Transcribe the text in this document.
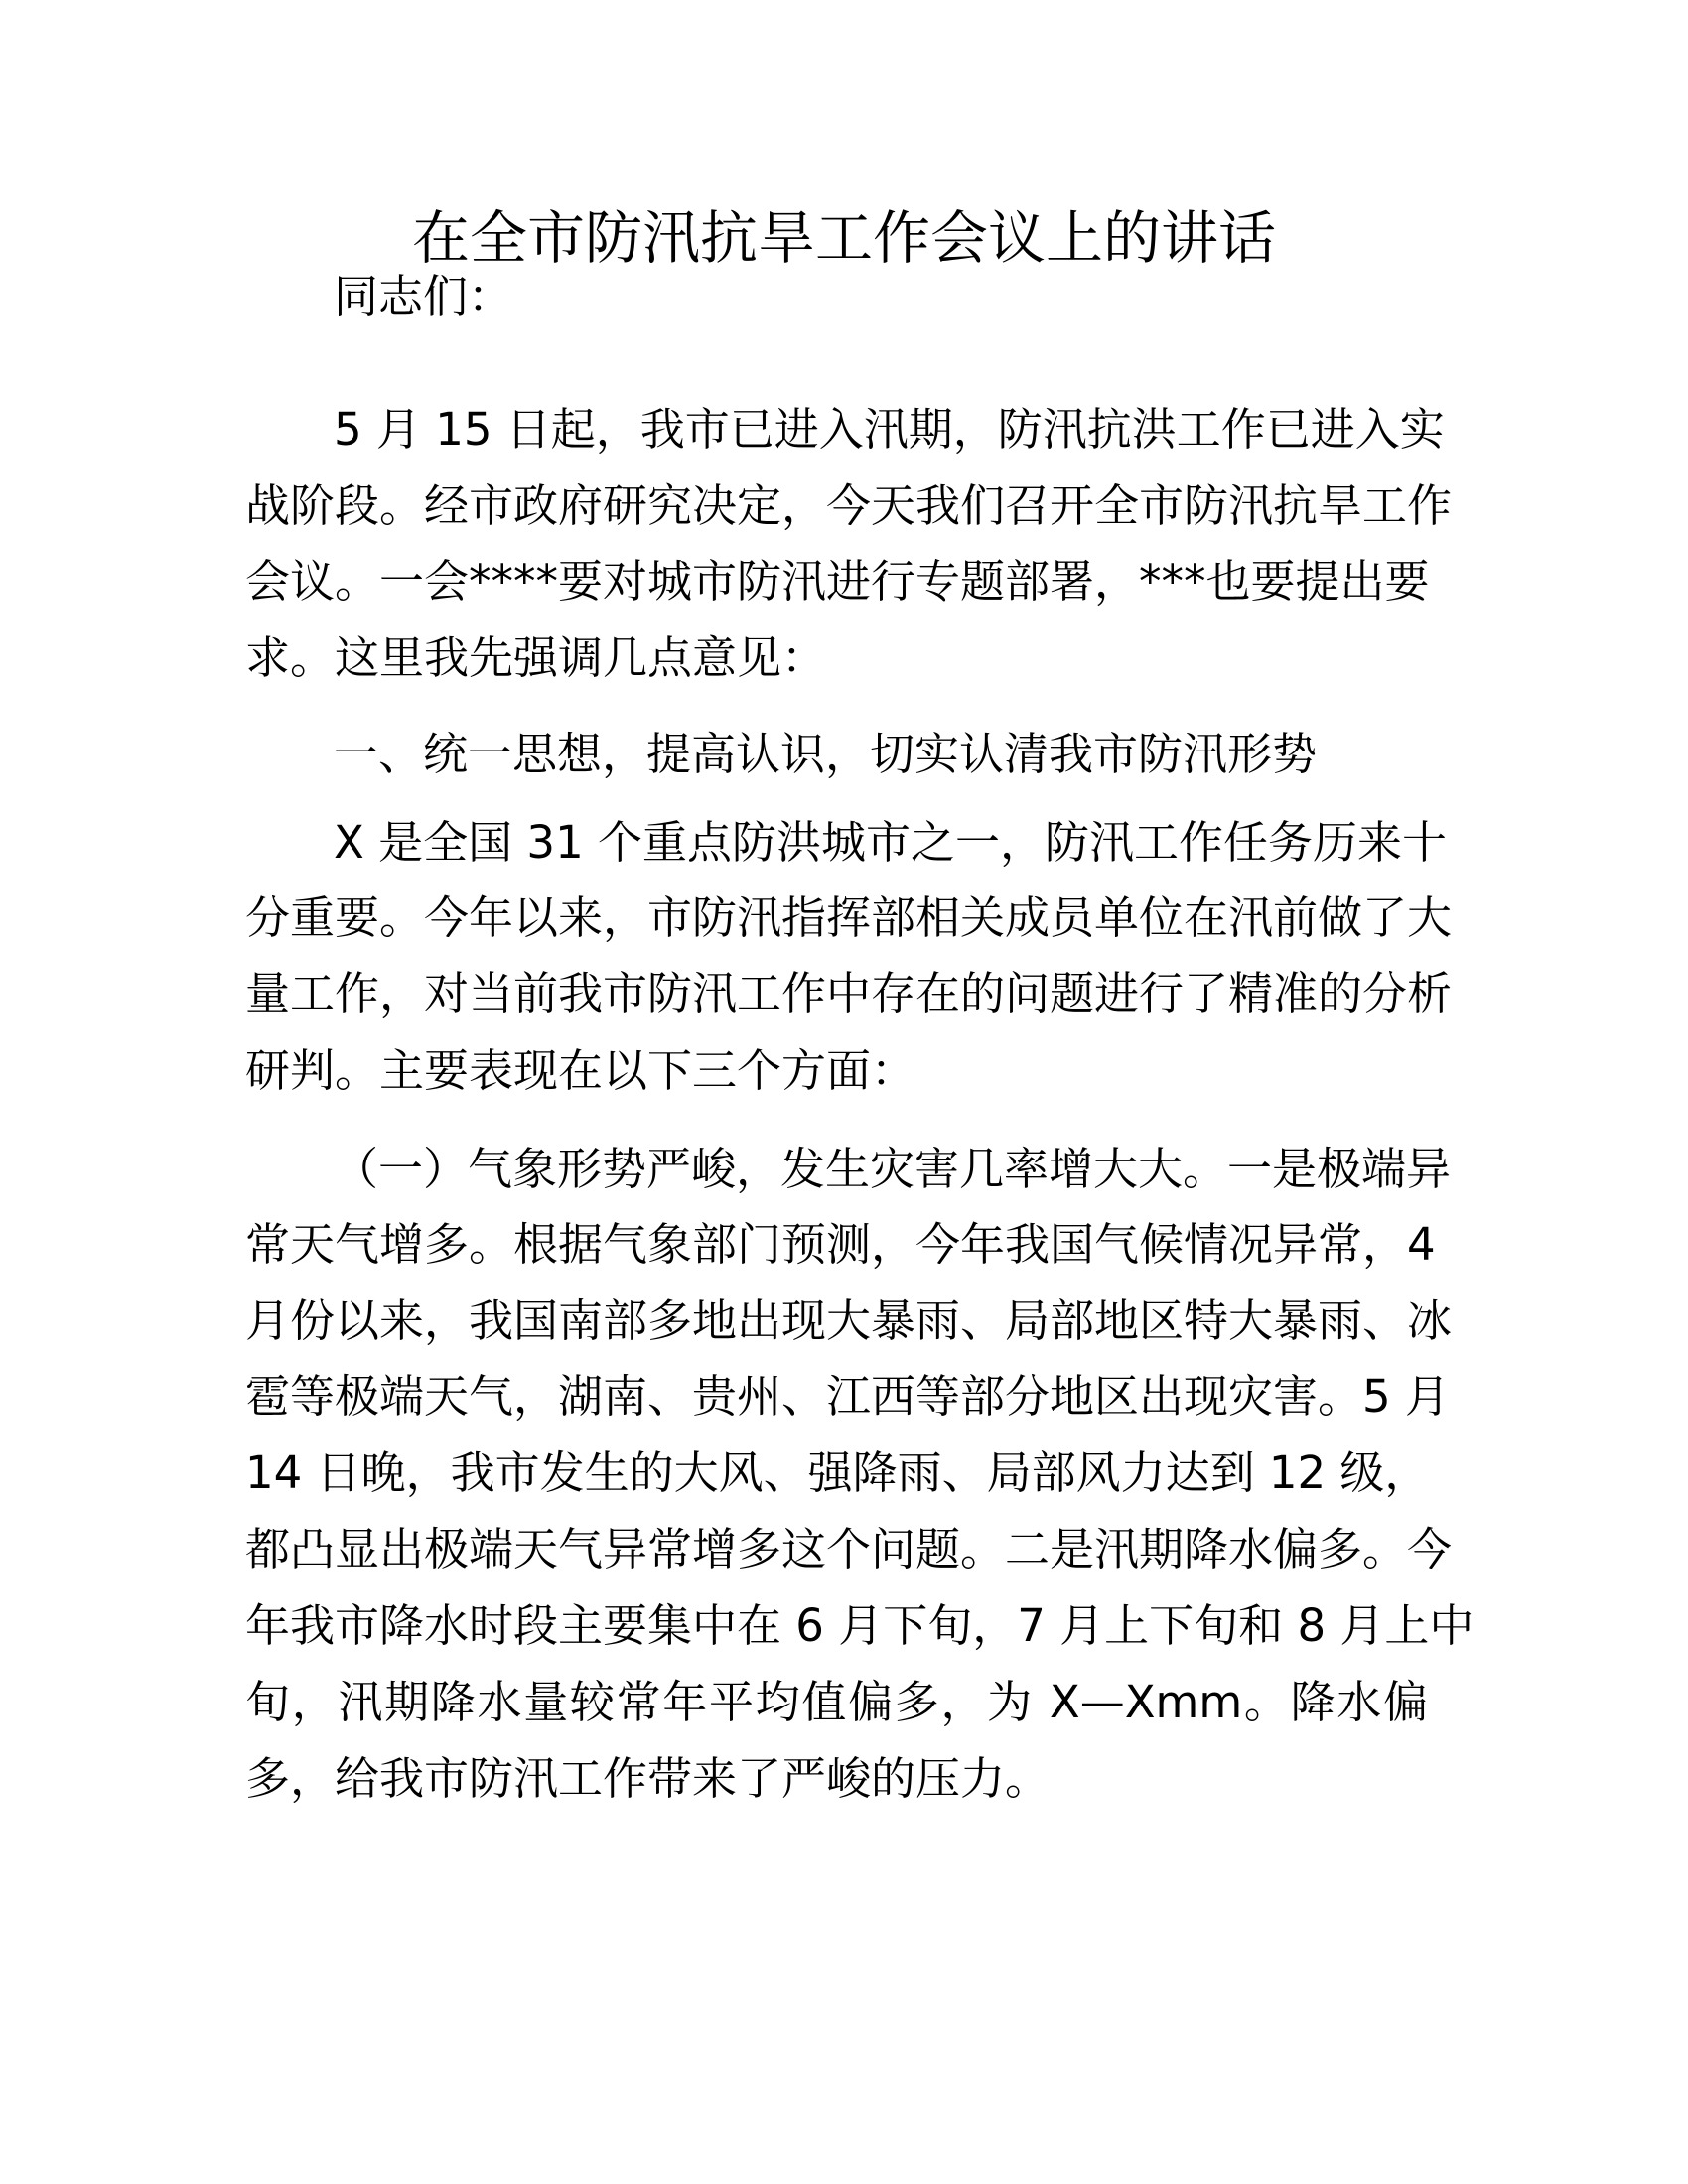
在全市防汛抗旱工作会议上的讲话
同志们：
5 月 15 日起，我市已进入汛期，防汛抗洪工作已进入实
战阶段。经市政府研究决定，今天我们召开全市防汛抗旱工作
会议。一会****要对城市防汛进行专题部署，***也要提出要
求。这里我先强调几点意见：
一、统一思想，提高认识，切实认清我市防汛形势
X 是全国 31 个重点防洪城市之一，防汛工作任务历来十
分重要。今年以来，市防汛指挥部相关成员单位在汛前做了大
量工作，对当前我市防汛工作中存在的问题进行了精准的分析
研判。主要表现在以下三个方面：
（一）气象形势严峻，发生灾害几率增大大。一是极端异
常天气增多。根据气象部门预测，今年我国气候情况异常，4
月份以来，我国南部多地出现大暴雨、局部地区特大暴雨、冰
雹等极端天气，湖南、贵州、江西等部分地区出现灾害。5 月
14 日晚，我市发生的大风、强降雨、局部风力达到 12 级，
都凸显出极端天气异常增多这个问题。二是汛期降水偏多。今
年我市降水时段主要集中在 6 月下旬，7 月上下旬和 8 月上中
旬，汛期降水量较常年平均值偏多，为 X—Xmm。降水偏
多，给我市防汛工作带来了严峻的压力。
